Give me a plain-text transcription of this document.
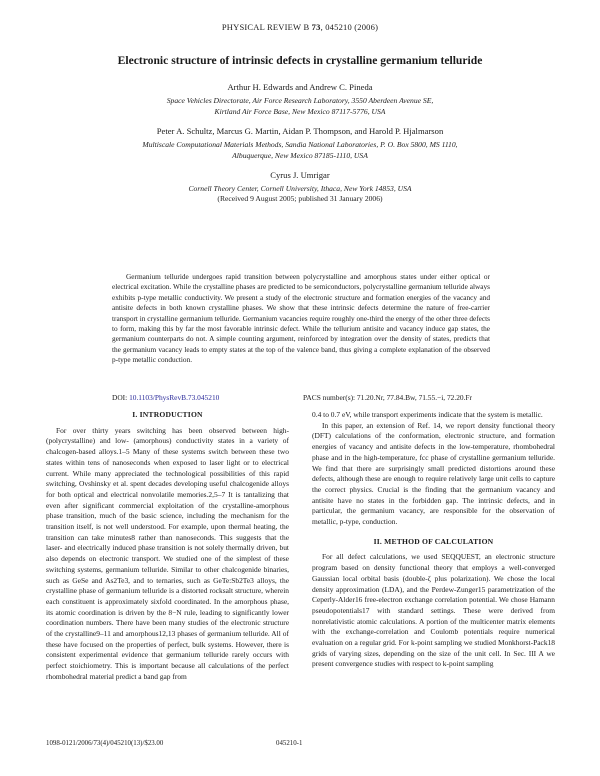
PHYSICAL REVIEW B 73, 045210 (2006)
Electronic structure of intrinsic defects in crystalline germanium telluride
Arthur H. Edwards and Andrew C. Pineda
Space Vehicles Directorate, Air Force Research Laboratory, 3550 Aberdeen Avenue SE,
Kirtland Air Force Base, New Mexico 87117-5776, USA
Peter A. Schultz, Marcus G. Martin, Aidan P. Thompson, and Harold P. Hjalmarson
Multiscale Computational Materials Methods, Sandia National Laboratories, P. O. Box 5800, MS 1110,
Albuquerque, New Mexico 87185-1110, USA
Cyrus J. Umrigar
Cornell Theory Center, Cornell University, Ithaca, New York 14853, USA
(Received 9 August 2005; published 31 January 2006)

Germanium telluride undergoes rapid transition between polycrystalline and amorphous states under either optical or electrical excitation. While the crystalline phases are predicted to be semiconductors, polycrystalline germanium telluride always exhibits p-type metallic conductivity. We present a study of the electronic structure and formation energies of the vacancy and antisite defects in both known crystalline phases. We show that these intrinsic defects determine the nature of free-carrier transport in crystalline germanium telluride. Germanium vacancies require roughly one-third the energy of the other three defects to form, making this by far the most favorable intrinsic defect. While the tellurium antisite and vacancy induce gap states, the germanium counterparts do not. A simple counting argument, reinforced by integration over the density of states, predicts that the germanium vacancy leads to empty states at the top of the valence band, thus giving a complete explanation of the observed p-type metallic conduction.

DOI: 10.1103/PhysRevB.73.045210	PACS number(s): 71.20.Nr, 77.84.Bw, 71.55.−i, 72.20.Fr
I. INTRODUCTION

For over thirty years switching has been observed between high- (polycrystalline) and low- (amorphous) conductivity states in a variety of chalcogen-based alloys.1–5 Many of these systems switch between these two states within tens of nanoseconds when exposed to laser light or to electrical current. While many appreciated the technological possibilities of this rapid switching, Ovshinsky et al. spent decades developing useful chalcogenide alloys for both optical and electrical nonvolatile memories.2,5–7 It is tantalizing that even after significant commercial exploitation of the crystalline-amorphous phase transition, much of the basic science, including the mechanism for the transition itself, is not well understood. For example, upon thermal heating, the transition can take minutes8 rather than nanoseconds. This suggests that the laser- and electrically induced phase transition is not solely thermally driven, but also depends on electronic transport. We studied one of the simplest of these switching systems, germanium telluride. Similar to other chalcogenide binaries, such as GeSe and As2Te3, and to ternaries, such as GeTe:Sb2Te3 alloys, the crystalline phase of germanium telluride is a distorted rocksalt structure, wherein each constituent is approximately sixfold coordinated. In the amorphous phase, its atomic coordination is driven by the 8−N rule, leading to significantly lower coordination numbers. There have been many studies of the electronic structure of the crystalline9–11 and amorphous12,13 phases of germanium telluride. All of these have focused on the properties of perfect, bulk systems. However, there is consistent experimental evidence that germanium telluride rarely occurs with perfect stoichiometry. This is important because all calculations of the perfect rhombohedral material predict a band gap from

0.4 to 0.7 eV, while transport experiments indicate that the system is metallic.

In this paper, an extension of Ref. 14, we report density functional theory (DFT) calculations of the conformation, electronic structure, and formation energies of vacancy and antisite defects in the low-temperature, rhombohedral phase and in the high-temperature, fcc phase of crystalline germanium telluride. We find that there are surprisingly small predicted distortions around these defects, although these are enough to require relatively large unit cells to capture the correct physics. Crucial is the finding that the germanium vacancy and antisite have no states in the forbidden gap. The intrinsic defects, and in particular, the germanium vacancy, are responsible for the observation of metallic, p-type, conduction.

II. METHOD OF CALCULATION

For all defect calculations, we used SEQQUEST, an electronic structure program based on density functional theory that employs a well-converged Gaussian local orbital basis (double-ζ plus polarization). We chose the local density approximation (LDA), and the Perdew-Zunger15 parametrization of the Ceperly-Alder16 free-electron exchange correlation potential. We chose Hamann pseudopotentials17 with standard settings. These were derived from nonrelativistic atomic calculations. A portion of the multicenter matrix elements with the exchange-correlation and Coulomb potentials require numerical evaluation on a regular grid. For k-point sampling we studied Monkhorst-Pack18 grids of varying sizes, depending on the size of the unit cell. In Sec. III A we present convergence studies with respect to k-point sampling

1098-0121/2006/73(4)/045210(13)/$23.00	045210-1
